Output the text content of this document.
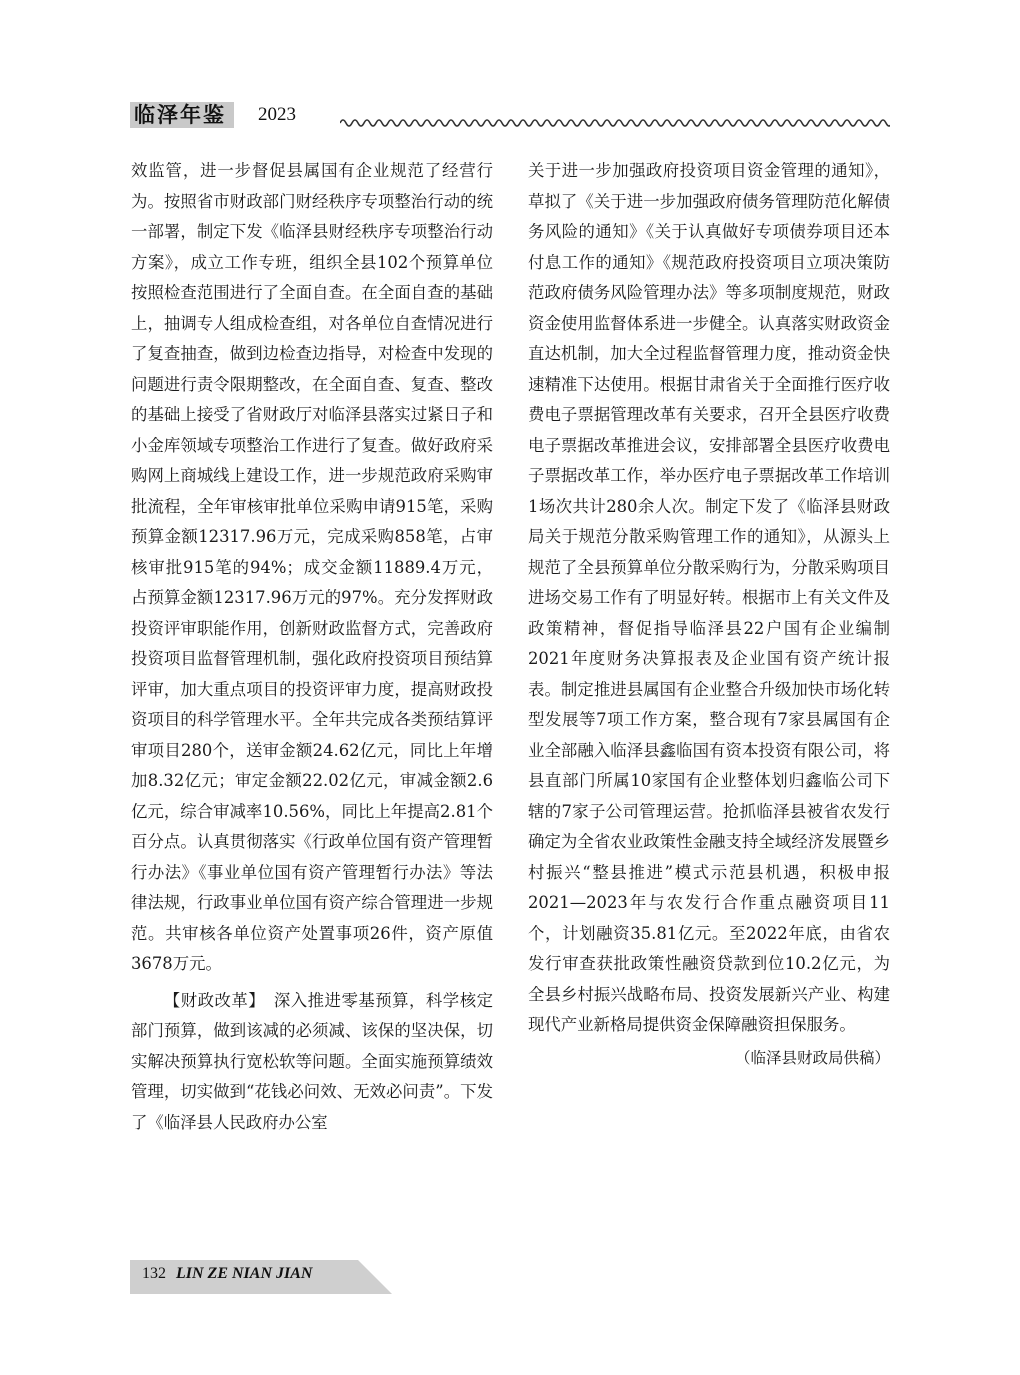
临泽年鉴	2023

效监管，进一步督促县属国有企业规范了经营行为。按照省市财政部门财经秩序专项整治行动的统一部署，制定下发《临泽县财经秩序专项整治行动方案》，成立工作专班，组织全县102个预算单位按照检查范围进行了全面自查。在全面自查的基础上，抽调专人组成检查组，对各单位自查情况进行了复查抽查，做到边检查边指导，对检查中发现的问题进行责令限期整改，在全面自查、复查、整改的基础上接受了省财政厅对临泽县落实过紧日子和小金库领域专项整治工作进行了复查。做好政府采购网上商城线上建设工作，进一步规范政府采购审批流程，全年审核审批单位采购申请915笔，采购预算金额12317.96万元，完成采购858笔，占审核审批915笔的94%；成交金额11889.4万元，占预算金额12317.96万元的97%。充分发挥财政投资评审职能作用，创新财政监督方式，完善政府投资项目监督管理机制，强化政府投资项目预结算评审，加大重点项目的投资评审力度，提高财政投资项目的科学管理水平。全年共完成各类预结算评审项目280个，送审金额24.62亿元，同比上年增加8.32亿元；审定金额22.02亿元，审减金额2.6亿元，综合审减率10.56%，同比上年提高2.81个百分点。认真贯彻落实《行政单位国有资产管理暂行办法》《事业单位国有资产管理暂行办法》等法律法规，行政事业单位国有资产综合管理进一步规范。共审核各单位资产处置事项26件，资产原值3678万元。

【财政改革】　深入推进零基预算，科学核定部门预算，做到该减的必须减、该保的坚决保，切实解决预算执行宽松软等问题。全面实施预算绩效管理，切实做到“花钱必问效、无效必问责”。下发了《临泽县人民政府办公室

关于进一步加强政府投资项目资金管理的通知》，草拟了《关于进一步加强政府债务管理防范化解债务风险的通知》《关于认真做好专项债券项目还本付息工作的通知》《规范政府投资项目立项决策防范政府债务风险管理办法》等多项制度规范，财政资金使用监督体系进一步健全。认真落实财政资金直达机制，加大全过程监督管理力度，推动资金快速精准下达使用。根据甘肃省关于全面推行医疗收费电子票据管理改革有关要求，召开全县医疗收费电子票据改革推进会议，安排部署全县医疗收费电子票据改革工作，举办医疗电子票据改革工作培训1场次共计280余人次。制定下发了《临泽县财政局关于规范分散采购管理工作的通知》，从源头上规范了全县预算单位分散采购行为，分散采购项目进场交易工作有了明显好转。根据市上有关文件及政策精神，督促指导临泽县22户国有企业编制2021年度财务决算报表及企业国有资产统计报表。制定推进县属国有企业整合升级加快市场化转型发展等7项工作方案，整合现有7家县属国有企业全部融入临泽县鑫临国有资本投资有限公司，将县直部门所属10家国有企业整体划归鑫临公司下辖的7家子公司管理运营。抢抓临泽县被省农发行确定为全省农业政策性金融支持全域经济发展暨乡村振兴“整县推进”模式示范县机遇，积极申报2021—2023年与农发行合作重点融资项目11个，计划融资35.81亿元。至2022年底，由省农发行审查获批政策性融资贷款到位10.2亿元，为全县乡村振兴战略布局、投资发展新兴产业、构建现代产业新格局提供资金保障融资担保服务。

（临泽县财政局供稿）

132 LIN ZE NIAN JIAN
